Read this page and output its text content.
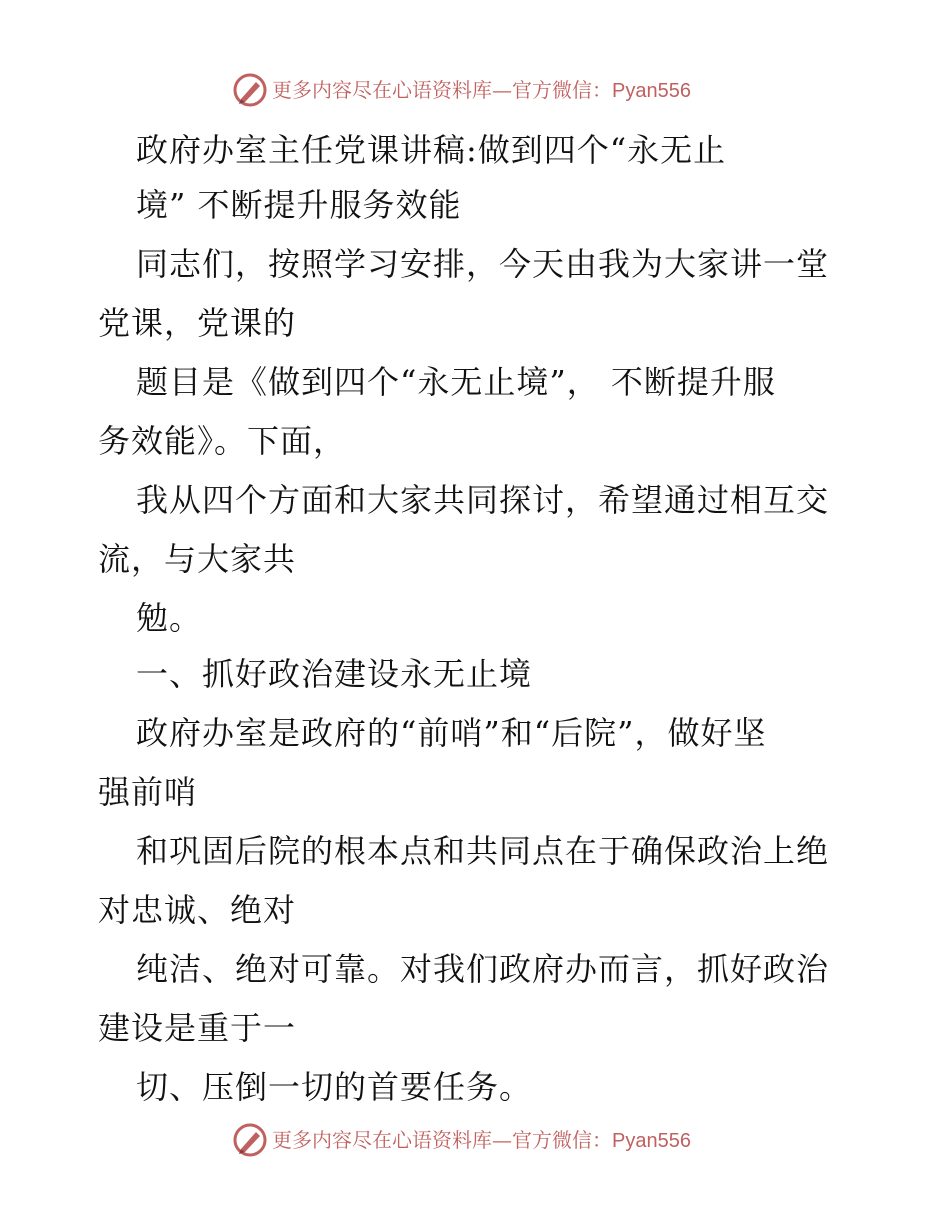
更多内容尽在心语资料库—官方微信：Pyan556
政府办室主任党课讲稿:做到四个“永无止
境” 不断提升服务效能
同志们，按照学习安排，今天由我为大家讲一堂
党课，党课的
题目是《做到四个“永无止境”， 不断提升服
务效能》。下面，
我从四个方面和大家共同探讨，希望通过相互交
流，与大家共
勉。
一、抓好政治建设永无止境
政府办室是政府的“前哨”和“后院”，做好坚
强前哨
和巩固后院的根本点和共同点在于确保政治上绝
对忠诚、绝对
纯洁、绝对可靠。对我们政府办而言，抓好政治
建设是重于一
切、压倒一切的首要任务。
更多内容尽在心语资料库—官方微信：Pyan556
